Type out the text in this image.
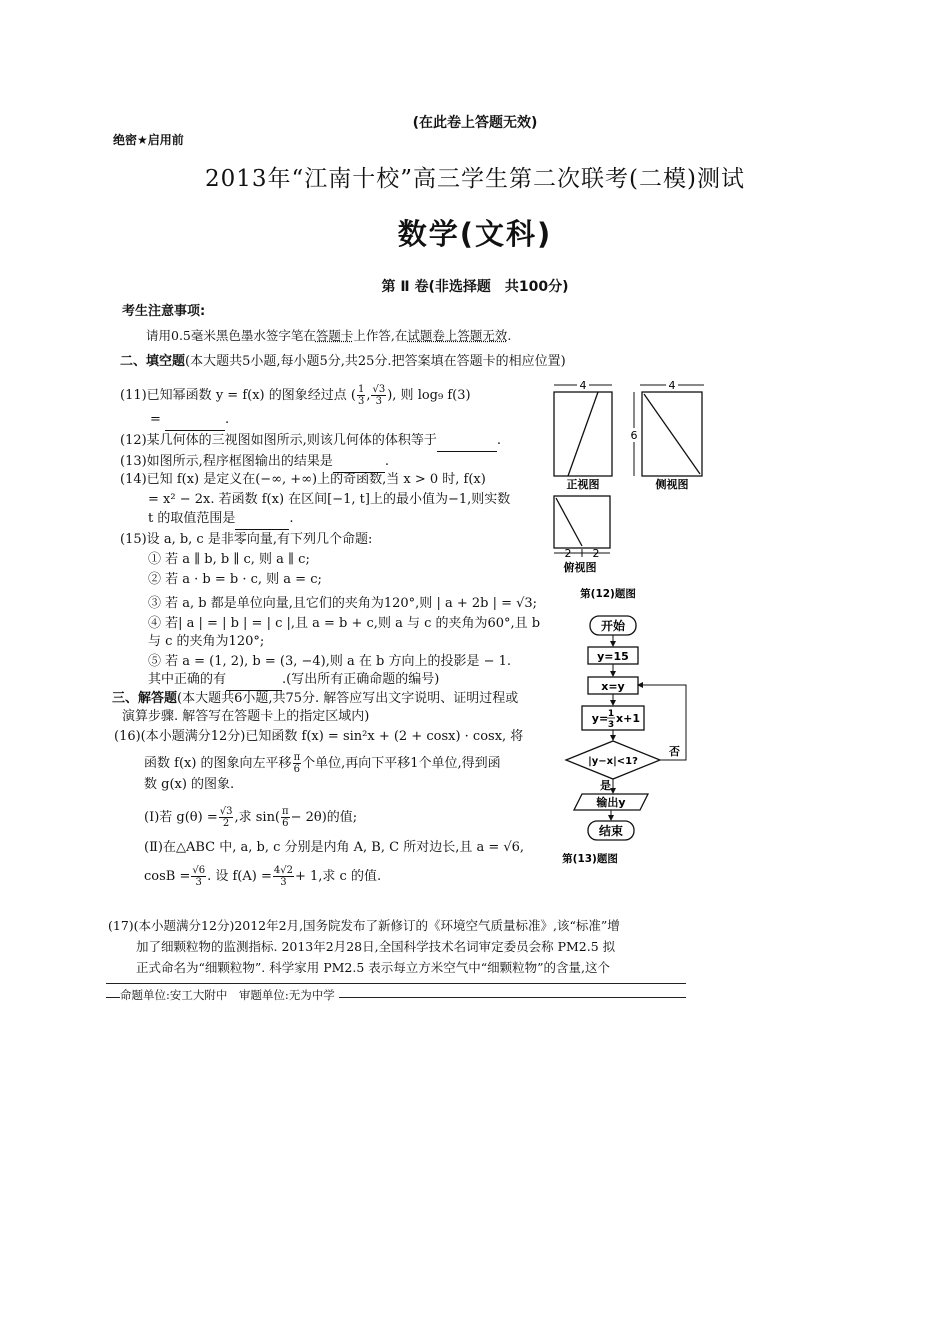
(在此卷上答题无效)
绝密★启用前
2013年“江南十校”高三学生第二次联考(二模)测试
数学(文科)
第 Ⅱ 卷(非选择题　共100分)
考生注意事项:
请用0.5毫米黑色墨水签字笔在答题卡上作答,在试题卷上答题无效.
二、填空题(本大题共5小题,每小题5分,共25分.把答案填在答题卡的相应位置)
(11)已知幂函数 y = f(x) 的图象经过点 ( $\frac{1}{3}$ , $\frac{√3}{3}$ ), 则 log₉ f(3)
=	.
(12)某几何体的三视图如图所示,则该几何体的体积等于	.
(13)如图所示,程序框图输出的结果是	.
(14)已知 f(x) 是定义在(−∞, +∞)上的奇函数,当 x > 0 时, f(x)
= x² − 2x. 若函数 f(x) 在区间[−1, t]上的最小值为−1,则实数
t 的取值范围是	.
(15)设 a, b, c 是非零向量,有下列几个命题:
① 若 a ∥ b, b ∥ c, 则 a ∥ c;
② 若 a · b = b · c, 则 a = c;
③ 若 a, b 都是单位向量,且它们的夹角为120°,则 | a + 2b | = √3;
④ 若| a | = | b | = | c |,且 a = b + c,则 a 与 c 的夹角为60°,且 b
与 c 的夹角为120°;
⑤ 若 a = (1, 2), b = (3, −4),则 a 在 b 方向上的投影是 − 1.
其中正确的有	.(写出所有正确命题的编号)
三、解答题(本大题共6小题,共75分. 解答应写出文字说明、证明过程或
演算步骤. 解答写在答题卡上的指定区域内)
(16)(本小题满分12分)已知函数 f(x) = sin²x + (2 + cosx) · cosx, 将
函数 f(x) 的图象向左平移 $\frac{\pi}{6}$ 个单位,再向下平移1个单位,得到函
数 g(x) 的图象.
(Ⅰ)若 $g(\theta) = \frac{√3}{2}$ ,求 $\sin( \frac{\pi}{6} - 2\theta)$的值;
(Ⅱ)在△ABC 中, a, b, c 分别是内角 A, B, C 所对边长,且 a = √6,
$\cos B = \frac{√6}{3}$ . 设 $f(A) = \frac{4√2}{3} + 1$,求 c 的值.
(17)(本小题满分12分)2012年2月,国务院发布了新修订的《环境空气质量标准》,该“标准”增
加了细颗粒物的监测指标. 2013年2月28日,全国科学技术名词审定委员会称 PM2.5 拟
正式命名为“细颗粒物”. 科学家用 PM2.5 表示每立方米空气中“细颗粒物”的含量,这个
命题单位:安工大附中　审题单位:无为中学
4
正视图
4
6
侧视图
2 2
俯视图
第(12)题图
开始
y=15
x=y
y= 1
3 x+1
|y−x|<1?
否
是
输出y
结束
第(13)题图
